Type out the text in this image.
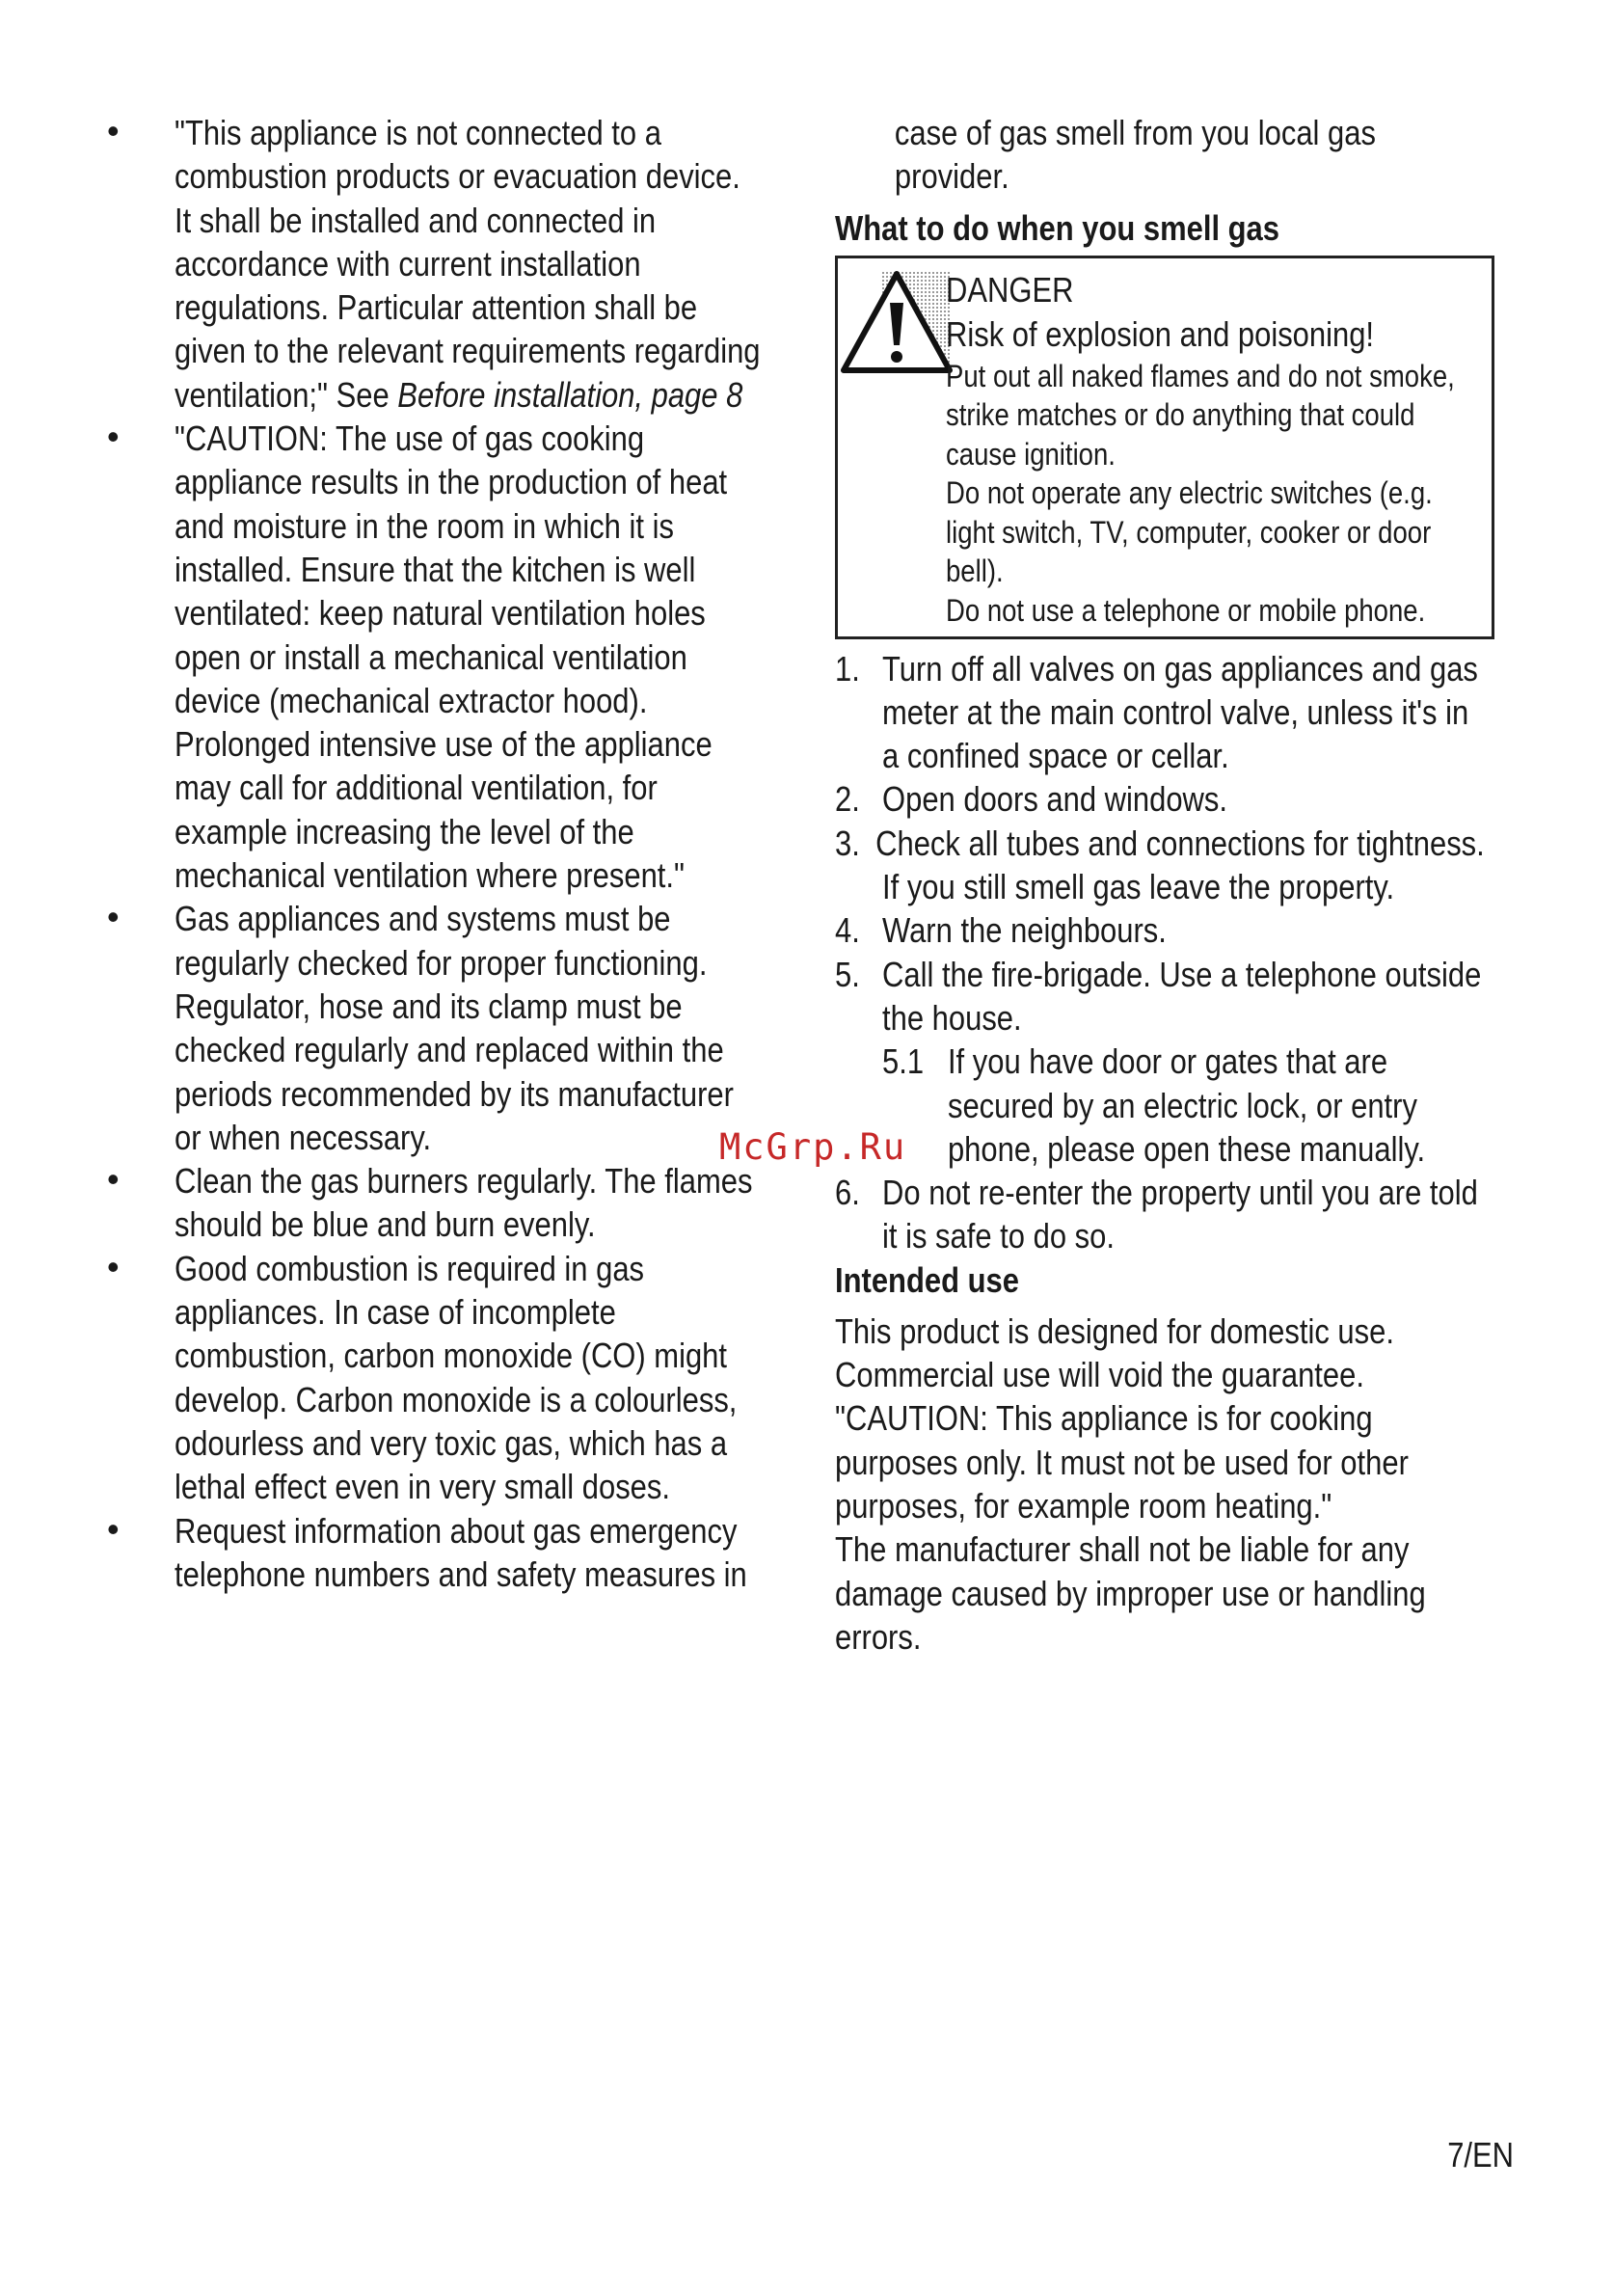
• "This appliance is not connected to a
combustion products or evacuation device.
It shall be installed and connected in
accordance with current installation
regulations. Particular attention shall be
given to the relevant requirements regarding
ventilation;" See Before installation, page 8
• "CAUTION: The use of gas cooking
appliance results in the production of heat
and moisture in the room in which it is
installed. Ensure that the kitchen is well
ventilated: keep natural ventilation holes
open or install a mechanical ventilation
device (mechanical extractor hood).
Prolonged intensive use of the appliance
may call for additional ventilation, for
example increasing the level of the
mechanical ventilation where present."
• Gas appliances and systems must be
regularly checked for proper functioning.
Regulator, hose and its clamp must be
checked regularly and replaced within the
periods recommended by its manufacturer
or when necessary.
• Clean the gas burners regularly. The flames
should be blue and burn evenly.
• Good combustion is required in gas
appliances. In case of incomplete
combustion, carbon monoxide (CO) might
develop. Carbon monoxide is a colourless,
odourless and very toxic gas, which has a
lethal effect even in very small doses.
• Request information about gas emergency
telephone numbers and safety measures in
case of gas smell from you local gas
provider.
What to do when you smell gas
DANGER
Risk of explosion and poisoning!
Put out all naked flames and do not smoke,
strike matches or do anything that could
cause ignition.
Do not operate any electric switches (e.g.
light switch, TV, computer, cooker or door
bell).
Do not use a telephone or mobile phone.
1. Turn off all valves on gas appliances and gas
meter at the main control valve, unless it's in
a confined space or cellar.
2. Open doors and windows.
3. Check all tubes and connections for tightness.
If you still smell gas leave the property.
4. Warn the neighbours.
5. Call the fire-brigade. Use a telephone outside
the house.
5.1 If you have door or gates that are
secured by an electric lock, or entry
phone, please open these manually.
6. Do not re-enter the property until you are told
it is safe to do so.
Intended use
This product is designed for domestic use.
Commercial use will void the guarantee.
"CAUTION: This appliance is for cooking
purposes only. It must not be used for other
purposes, for example room heating."
The manufacturer shall not be liable for any
damage caused by improper use or handling
errors.
McGrp.Ru
7/EN
